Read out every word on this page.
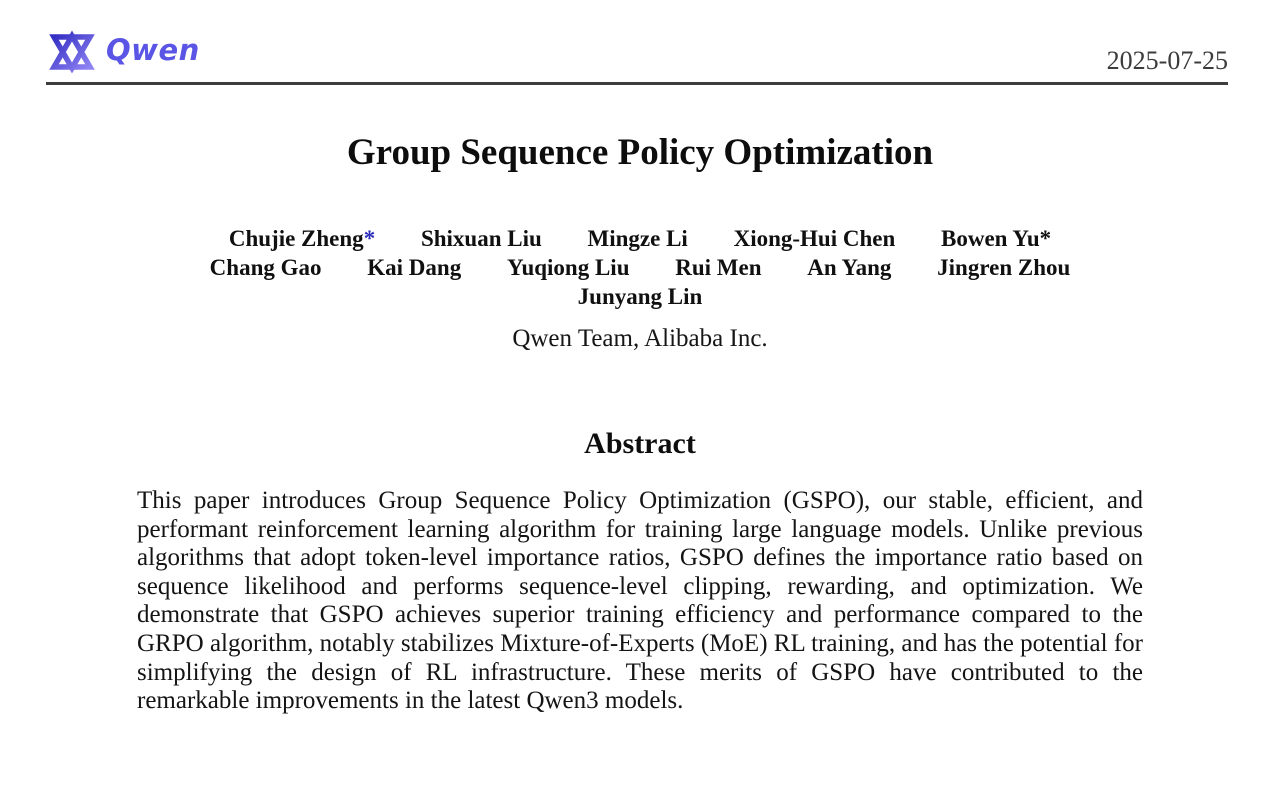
Qwen	2025-07-25
Group Sequence Policy Optimization
Chujie Zheng* Shixuan Liu Mingze Li Xiong-Hui Chen Bowen Yu*
Chang Gao Kai Dang Yuqiong Liu Rui Men An Yang Jingren Zhou
Junyang Lin
Qwen Team, Alibaba Inc.
Abstract

This paper introduces Group Sequence Policy Optimization (GSPO), our stable, efficient, and performant reinforcement learning algorithm for training large language models. Unlike previous algorithms that adopt token-level importance ratios, GSPO defines the importance ratio based on sequence likelihood and performs sequence-level clipping, rewarding, and optimization. We demonstrate that GSPO achieves superior training efficiency and performance compared to the GRPO algorithm, notably stabilizes Mixture-of-Experts (MoE) RL training, and has the potential for simplifying the design of RL infrastructure. These merits of GSPO have contributed to the remarkable improvements in the latest Qwen3 models.
